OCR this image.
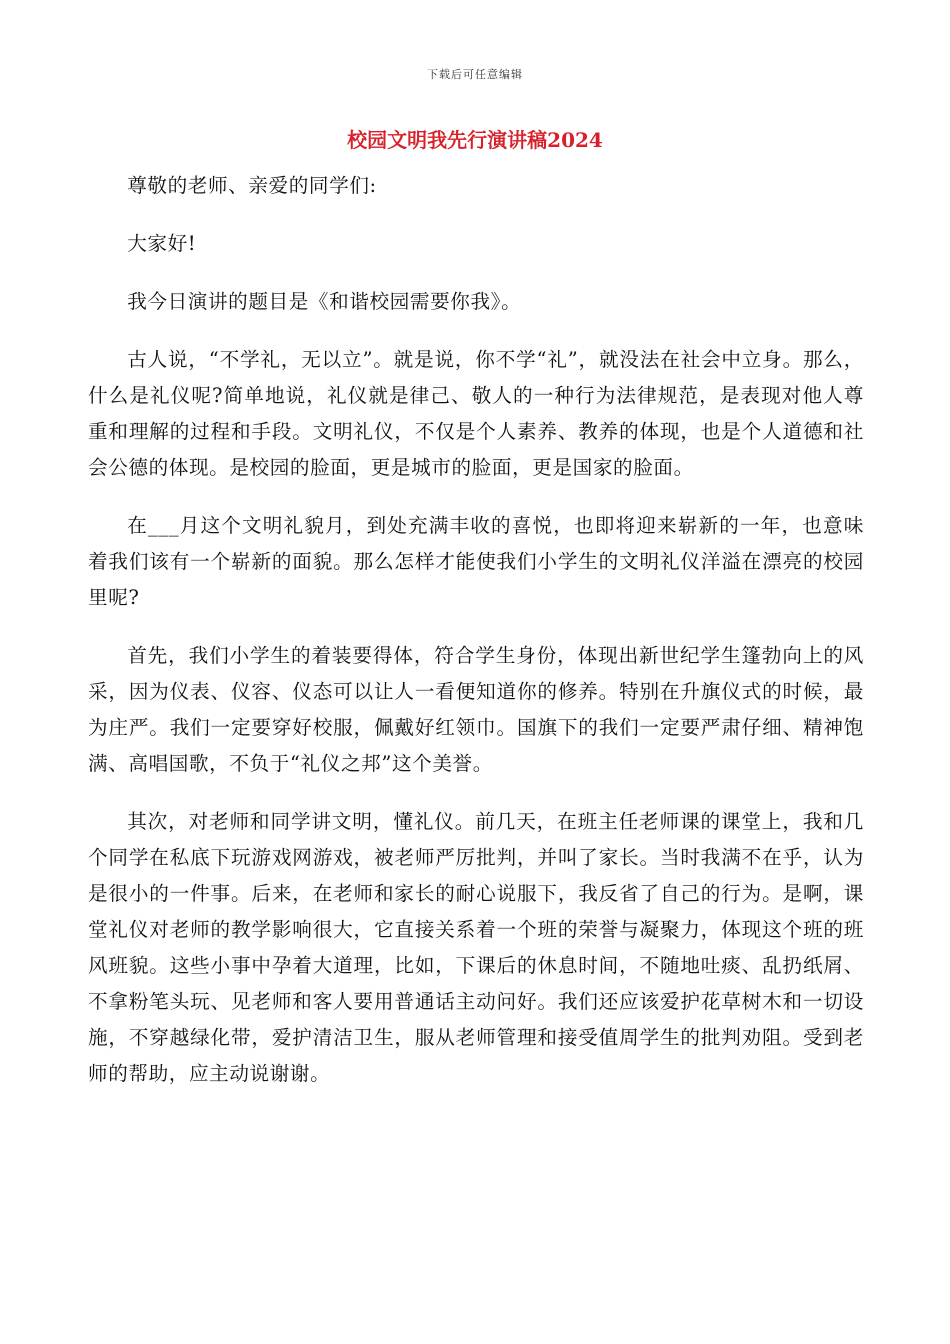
下载后可任意编辑
校园文明我先行演讲稿2024

尊敬的老师、亲爱的同学们:

大家好!

我今日演讲的题目是《和谐校园需要你我》。

古人说，“不学礼，无以立”。就是说，你不学“礼”，就没法在社会中立身。那么，什么是礼仪呢?简单地说，礼仪就是律己、敬人的一种行为法律规范，是表现对他人尊重和理解的过程和手段。文明礼仪，不仅是个人素养、教养的体现，也是个人道德和社会公德的体现。是校园的脸面，更是城市的脸面，更是国家的脸面。

在___月这个文明礼貌月，到处充满丰收的喜悦，也即将迎来崭新的一年，也意味着我们该有一个崭新的面貌。那么怎样才能使我们小学生的文明礼仪洋溢在漂亮的校园里呢?

首先，我们小学生的着装要得体，符合学生身份，体现出新世纪学生篷勃向上的风采，因为仪表、仪容、仪态可以让人一看便知道你的修养。特别在升旗仪式的时候，最为庄严。我们一定要穿好校服，佩戴好红领巾。国旗下的我们一定要严肃仔细、精神饱满、高唱国歌，不负于“礼仪之邦”这个美誉。

其次，对老师和同学讲文明，懂礼仪。前几天，在班主任老师课的课堂上，我和几个同学在私底下玩游戏网游戏，被老师严厉批判，并叫了家长。当时我满不在乎，认为是很小的一件事。后来，在老师和家长的耐心说服下，我反省了自己的行为。是啊，课堂礼仪对老师的教学影响很大，它直接关系着一个班的荣誉与凝聚力，体现这个班的班风班貌。这些小事中孕着大道理，比如，下课后的休息时间，不随地吐痰、乱扔纸屑、不拿粉笔头玩、见老师和客人要用普通话主动问好。我们还应该爱护花草树木和一切设施，不穿越绿化带，爱护清洁卫生，服从老师管理和接受值周学生的批判劝阻。受到老师的帮助，应主动说谢谢。
